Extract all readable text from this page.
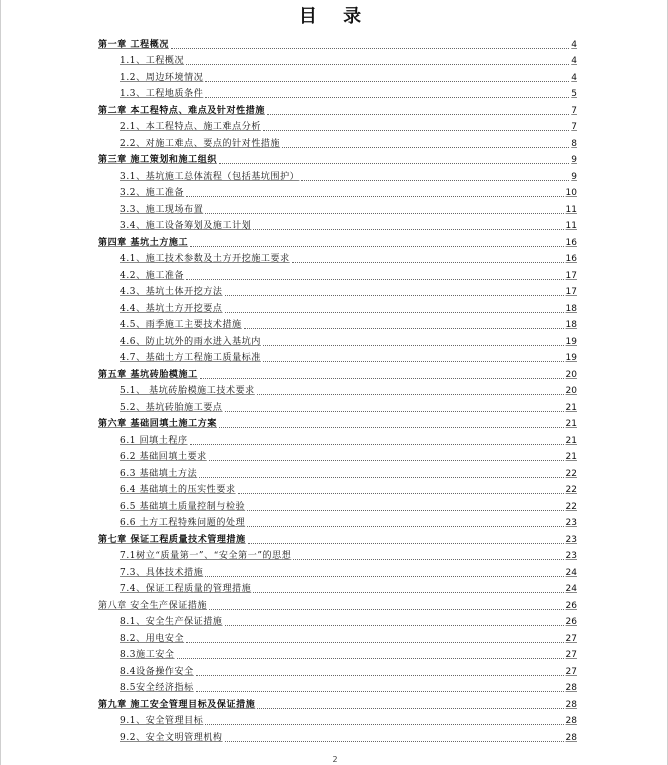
目 录
第一章 工程概况	4
1.1、工程概况	4
1.2、周边环境情况	4
1.3、工程地质条件	5
第二章 本工程特点、难点及针对性措施	7
2.1、本工程特点、施工难点分析	7
2.2、对施工难点、要点的针对性措施	8
第三章 施工策划和施工组织	9
3.1、基坑施工总体流程（包括基坑围护）	9
3.2、施工准备	10
3.3、施工现场布置	11
3.4、施工设备筹划及施工计划	11
第四章 基坑土方施工	16
4.1、施工技术参数及土方开挖施工要求	16
4.2、施工准备	17
4.3、基坑土体开挖方法	17
4.4、基坑土方开挖要点	18
4.5、雨季施工主要技术措施	18
4.6、防止坑外的雨水进入基坑内	19
4.7、基础土方工程施工质量标准	19
第五章 基坑砖胎模施工	20
5.1、 基坑砖胎模施工技术要求	20
5.2、基坑砖胎施工要点	21
第六章 基础回填土施工方案	21
6.1 回填土程序	21
6.2 基础回填土要求	21
6.3 基础填土方法	22
6.4 基础填土的压实性要求	22
6.5 基础填土质量控制与检验	22
6.6 土方工程特殊问题的处理	23
第七章 保证工程质量技术管理措施	23
7.1树立“质量第一”、“安全第一”的思想	23
7.3、具体技术措施	24
7.4、保证工程质量的管理措施	24
第八章 安全生产保证措施	26
8.1、安全生产保证措施	26
8.2、用电安全	27
8.3施工安全	27
8.4设备操作安全	27
8.5安全经济指标	28
第九章 施工安全管理目标及保证措施	28
9.1、安全管理目标	28
9.2、安全文明管理机构	28
2
